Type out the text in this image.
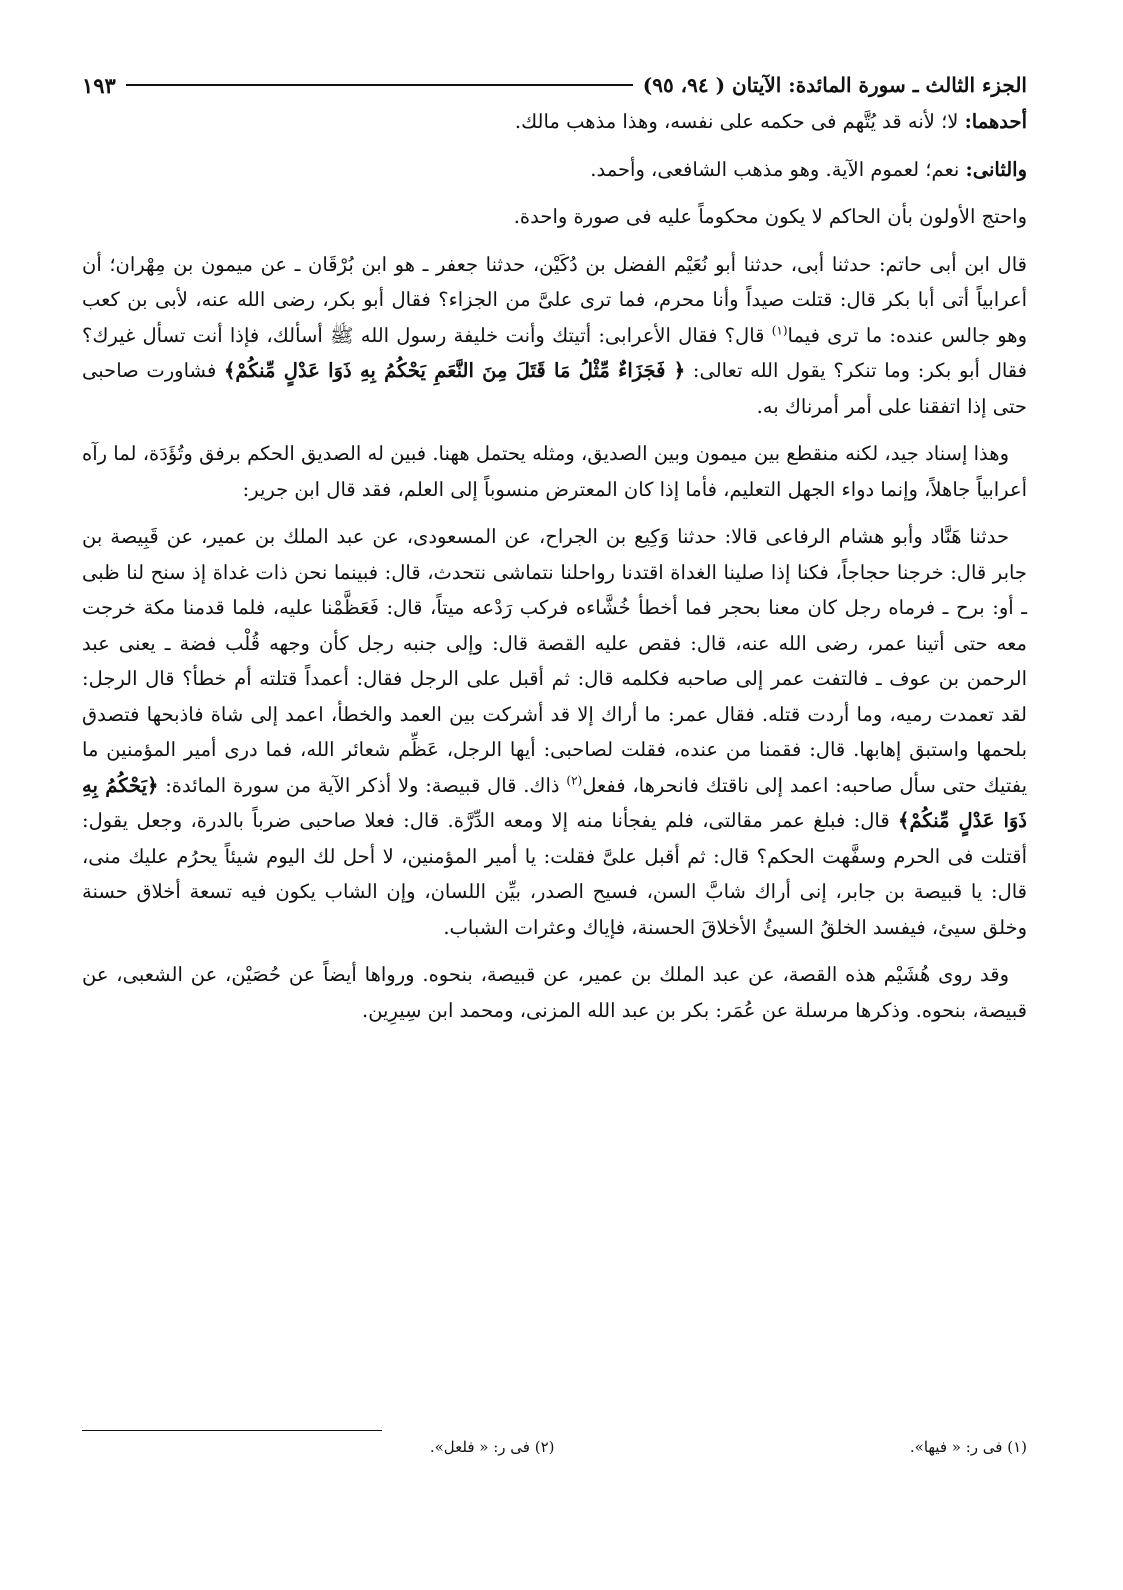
الجزء الثالث ـ سورة المائدة: الآيتان ( ٩٤، ٩٥)
١٩٣

أحدهما: لا؛ لأنه قد يُتَّهم فى حكمه على نفسه، وهذا مذهب مالك.

والثانى: نعم؛ لعموم الآية. وهو مذهب الشافعى، وأحمد.

واحتج الأولون بأن الحاكم لا يكون محكوماً عليه فى صورة واحدة.

قال ابن أبى حاتم: حدثنا أبى، حدثنا أبو نُعَيْم الفضل بن دُكَيْن، حدثنا جعفر ـ هو ابن بُرْقَان ـ عن ميمون بن مِهْران؛ أن أعرابياً أتى أبا بكر قال: قتلت صيداً وأنا محرم، فما ترى علىَّ من الجزاء؟ فقال أبو بكر، رضى الله عنه، لأبى بن كعب وهو جالس عنده: ما ترى فيما$^{(١)}$ قال؟ فقال الأعرابى: أتيتك وأنت خليفة رسول الله ﷺ أسألك، فإذا أنت تسأل غيرك؟ فقال أبو بكر: وما تنكر؟ يقول الله تعالى: ﴿ فَجَزَاءٌ مِّثْلُ مَا قَتَلَ مِنَ النَّعَمِ يَحْكُمُ بِهِ ذَوَا عَدْلٍ مِّنكُمْ﴾ فشاورت صاحبى حتى إذا اتفقنا على أمر أمرناك به.

وهذا إسناد جيد، لكنه منقطع بين ميمون وبين الصديق، ومثله يحتمل ههنا. فبين له الصديق الحكم برفق وتُؤَدَة، لما رآه أعرابياً جاهلاً، وإنما دواء الجهل التعليم، فأما إذا كان المعترض منسوباً إلى العلم، فقد قال ابن جرير:

حدثنا هَنَّاد وأبو هشام الرفاعى قالا: حدثنا وَكِيع بن الجراح، عن المسعودى، عن عبد الملك بن عمير، عن قَبِيصة بن جابر قال: خرجنا حجاجاً، فكنا إذا صلينا الغداة اقتدنا رواحلنا نتماشى نتحدث، قال: فبينما نحن ذات غداة إذ سنح لنا ظبى ـ أو: برح ـ فرماه رجل كان معنا بحجر فما أخطأ خُشَّاءه فركب رَدْعه ميتاً، قال: فَعَظَّمْنا عليه، فلما قدمنا مكة خرجت معه حتى أتينا عمر، رضى الله عنه، قال: فقص عليه القصة قال: وإلى جنبه رجل كأن وجهه قُلْب فضة ـ يعنى عبد الرحمن بن عوف ـ فالتفت عمر إلى صاحبه فكلمه قال: ثم أقبل على الرجل فقال: أعمداً قتلته أم خطأ؟ قال الرجل: لقد تعمدت رميه، وما أردت قتله. فقال عمر: ما أراك إلا قد أشركت بين العمد والخطأ، اعمد إلى شاة فاذبحها فتصدق بلحمها واستبق إهابها. قال: فقمنا من عنده، فقلت لصاحبى: أيها الرجل، عَظِّم شعائر الله، فما درى أمير المؤمنين ما يفتيك حتى سأل صاحبه: اعمد إلى ناقتك فانحرها، ففعل$^{(٢)}$ ذاك. قال قبيصة: ولا أذكر الآية من سورة المائدة: ﴿يَحْكُمُ بِهِ ذَوَا عَدْلٍ مِّنكُمْ﴾ قال: فبلغ عمر مقالتى، فلم يفجأنا منه إلا ومعه الدِّرَّة. قال: فعلا صاحبى ضرباً بالدرة، وجعل يقول: أقتلت فى الحرم وسفَّهت الحكم؟ قال: ثم أقبل علىَّ فقلت: يا أمير المؤمنين، لا أحل لك اليوم شيئاً يحرُم عليك منى، قال: يا قبيصة بن جابر، إنى أراك شابَّ السن، فسيح الصدر، بيِّن اللسان، وإن الشاب يكون فيه تسعة أخلاق حسنة وخلق سيئ، فيفسد الخلقُ السيئُ الأخلاقَ الحسنة، فإياك وعثرات الشباب.

وقد روى هُشَيْم هذه القصة، عن عبد الملك بن عمير، عن قبيصة، بنحوه. ورواها أيضاً عن حُصَيْن، عن الشعبى، عن قبيصة، بنحوه. وذكرها مرسلة عن عُمَر: بكر بن عبد الله المزنى، ومحمد ابن سِيرِين.

(١) فى ر: « فيها».
(٢) فى ر: « فلعل».
